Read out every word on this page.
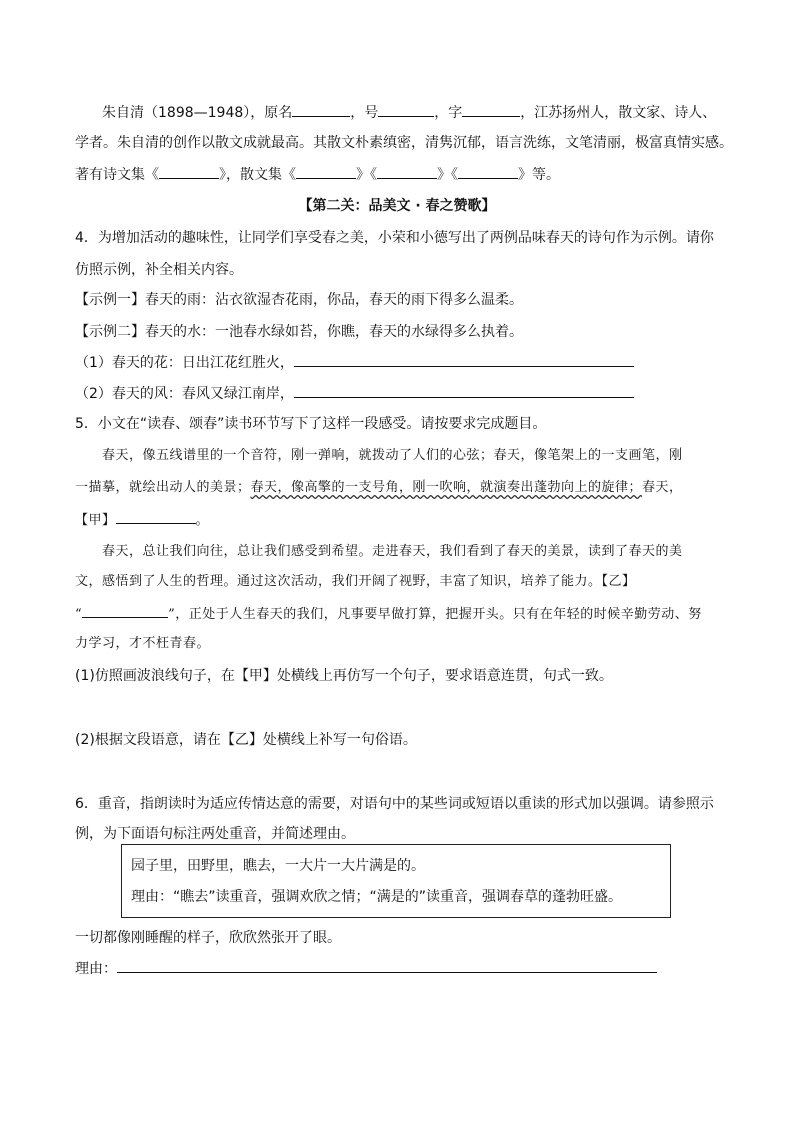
朱自清（1898—1948），原名	，号	，字	，江苏扬州人，散文家、诗人、
学者。朱自清的创作以散文成就最高。其散文朴素缜密，清隽沉郁，语言洗练，文笔清丽，极富真情实感。
著有诗文集《	》，散文集《	》《	》《	》等。
【第二关：品美文 · 春之赞歌】
4．为增加活动的趣味性，让同学们享受春之美，小荣和小德写出了两例品味春天的诗句作为示例。请你
仿照示例，补全相关内容。
【示例一】春天的雨：沾衣欲湿杏花雨，你品，春天的雨下得多么温柔。
【示例二】春天的水：一池春水绿如苔，你瞧，春天的水绿得多么执着。
（1）春天的花：日出江花红胜火，
（2）春天的风：春风又绿江南岸，
5．小文在“读春、颂春”读书环节写下了这样一段感受。请按要求完成题目。
春天，像五线谱里的一个音符，刚一弹响，就拨动了人们的心弦；春天，像笔架上的一支画笔，刚
一描摹，就绘出动人的美景；春天，像高擎的一支号角，刚一吹响，就演奏出蓬勃向上的旋律；春天，
【甲】	。
春天，总让我们向往，总让我们感受到希望。走进春天，我们看到了春天的美景，读到了春天的美
文，感悟到了人生的哲理。通过这次活动，我们开阔了视野，丰富了知识，培养了能力。【乙】
“	”，正处于人生春天的我们，凡事要早做打算，把握开头。只有在年轻的时候辛勤劳动、努
力学习，才不枉青春。
(1)仿照画波浪线句子，在【甲】处横线上再仿写一个句子，要求语意连贯，句式一致。
(2)根据文段语意，请在【乙】处横线上补写一句俗语。
6．重音，指朗读时为适应传情达意的需要，对语句中的某些词或短语以重读的形式加以强调。请参照示
例，为下面语句标注两处重音，并简述理由。
园子里，田野里，瞧去，一大片一大片满是的。
理由：“瞧去”读重音，强调欢欣之情；“满是的”读重音，强调春草的蓬勃旺盛。
一切都像刚睡醒的样子，欣欣然张开了眼。
理由：
